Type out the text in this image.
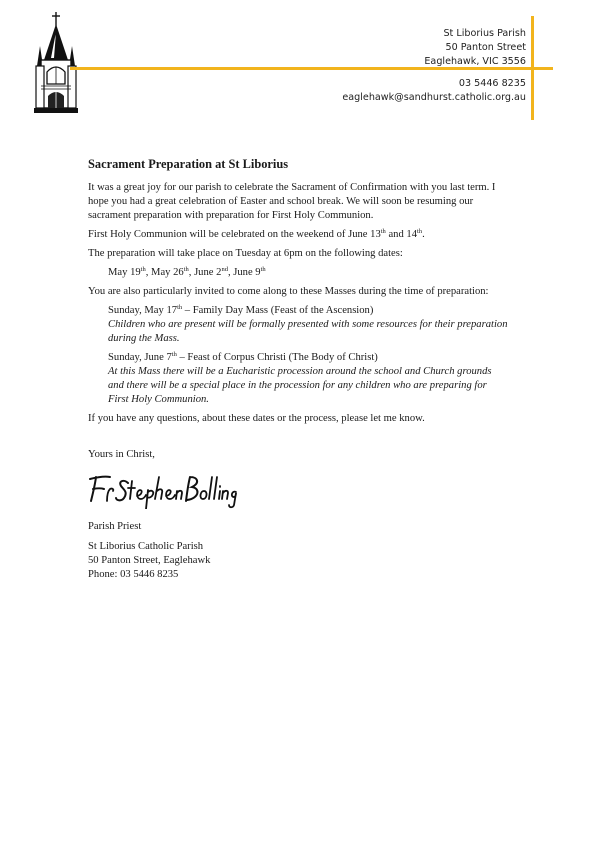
St Liborius Parish
50 Panton Street
Eaglehawk, VIC 3556
03 5446 8235
eaglehawk@sandhurst.catholic.org.au
Sacrament Preparation at St Liborius

It was a great joy for our parish to celebrate the Sacrament of Confirmation with you last term. I hope you had a great celebration of Easter and school break. We will soon be resuming our sacrament preparation with preparation for First Holy Communion.

First Holy Communion will be celebrated on the weekend of June 13th and 14th.

The preparation will take place on Tuesday at 6pm on the following dates:

May 19th, May 26th, June 2nd, June 9th

You are also particularly invited to come along to these Masses during the time of preparation:

Sunday, May 17th – Family Day Mass (Feast of the Ascension)
Children who are present will be formally presented with some resources for their preparation during the Mass.
Sunday, June 7th – Feast of Corpus Christi (The Body of Christ)
At this Mass there will be a Eucharistic procession around the school and Church grounds and there will be a special place in the procession for any children who are preparing for First Holy Communion.

If you have any questions, about these dates or the process, please let me know.

Yours in Christ,

Parish Priest

St Liborius Catholic Parish
50 Panton Street, Eaglehawk
Phone: 03 5446 8235
